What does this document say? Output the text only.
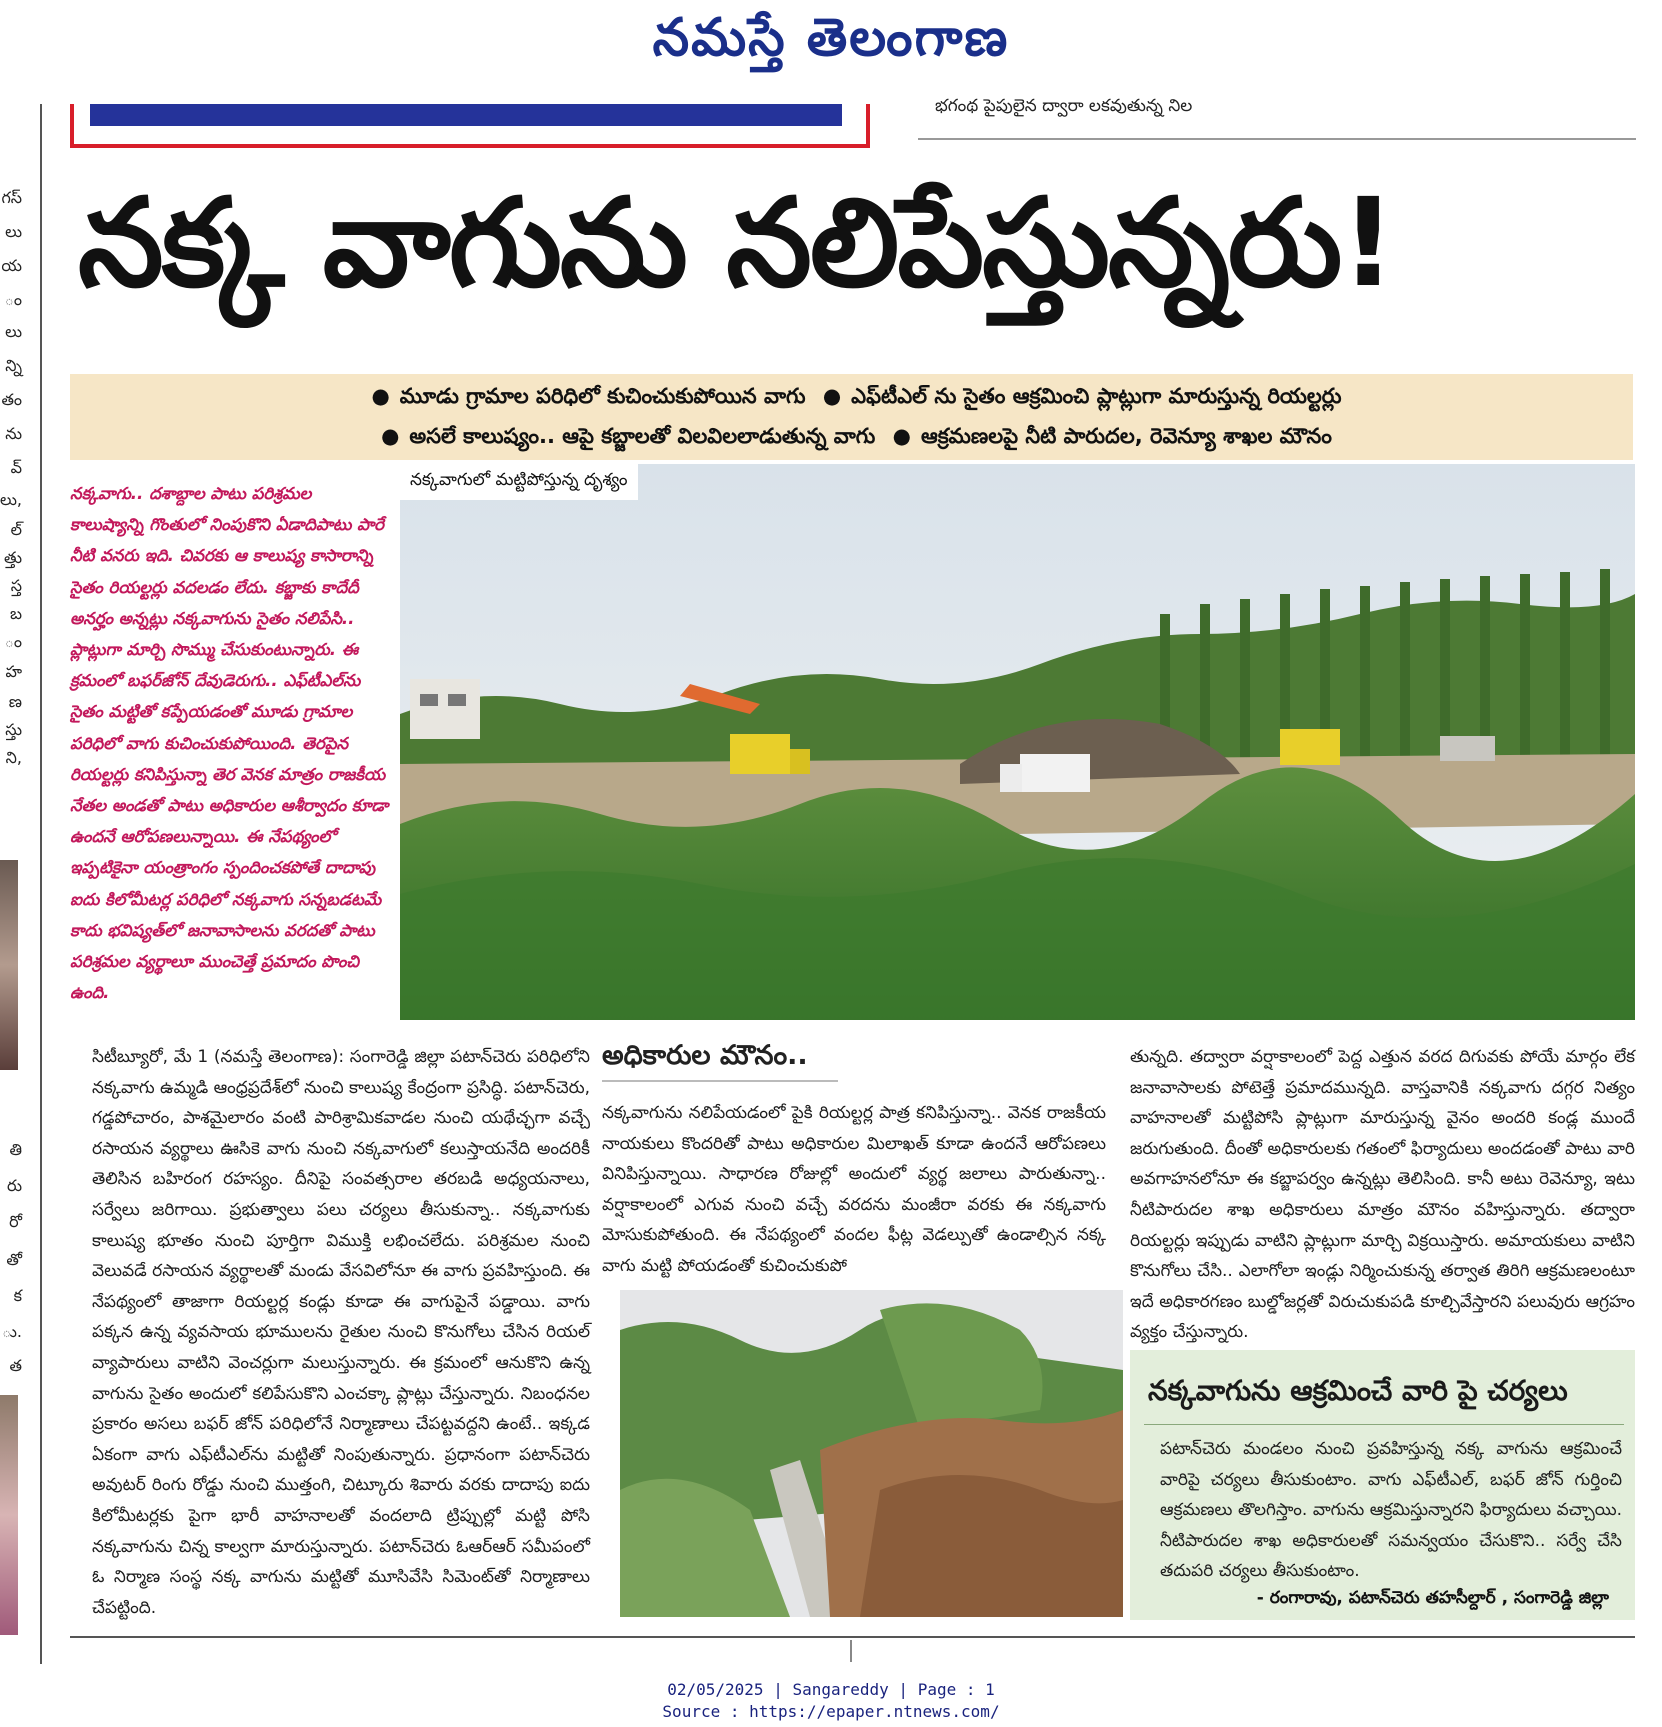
నమస్తే తెలంగాణ
భగంథ పైపులైన ద్వారా లకవుతున్న నిల
గస్
లు
య
ం
లు
న్ని
తం
ను
వ్
లు,
ల్
త్తు
స్త
బ
ం
హ
ణ
స్తు
ని,
తి
రు
రో
తో
క
ు.
త
నక్క వాగును నలిపేస్తున్నరు!
● మూడు గ్రామాల పరిధిలో కుచించుకుపోయిన వాగు ● ఎఫ్‌టీఎల్‌ ను సైతం ఆక్రమించి ప్లాట్లుగా మారుస్తున్న రియల్టర్లు
● అసలే కాలుష్యం.. ఆపై కబ్జాలతో విలవిలలాడుతున్న వాగు ● ఆక్రమణలపై నీటి పారుదల, రెవెన్యూ శాఖల మౌనం
నక్కవాగు.. దశాబ్దాల పాటు పరిశ్రమల కాలుష్యాన్ని గొంతులో నింపుకొని ఏడాదిపాటు పారే నీటి వనరు ఇది. చివరకు ఆ కాలుష్య కాసారాన్ని సైతం రియల్టర్లు వదలడం లేదు. కబ్జాకు కాదేదీ అనర్హం అన్నట్లు నక్కవాగును సైతం నలిపేసి.. ప్లాట్లుగా మార్చి సొమ్ము చేసుకుంటున్నారు. ఈ క్రమంలో బఫర్‌జోన్‌ దేవుడెరుగు.. ఎఫ్‌టీఎల్‌ను సైతం మట్టితో కప్పేయడంతో మూడు గ్రామాల పరిధిలో వాగు కుచించుకుపోయింది. తెరపైన రియల్టర్లు కనిపిస్తున్నా తెర వెనక మాత్రం రాజకీయ నేతల అండతో పాటు అధికారుల ఆశీర్వాదం కూడా ఉందనే ఆరోపణలున్నాయి. ఈ నేపథ్యంలో ఇప్పటికైనా యంత్రాంగం స్పందించకపోతే దాదాపు ఐదు కిలోమీటర్ల పరిధిలో నక్కవాగు సన్నబడటమే కాదు భవిష్యత్‌లో జనావాసాలను వరదతో పాటు పరిశ్రమల వ్యర్థాలూ ముంచెత్తే ప్రమాదం పొంచి ఉంది.
నక్కవాగులో మట్టిపోస్తున్న దృశ్యం
సిటీబ్యూరో, మే 1 (నమస్తే తెలంగాణ): సంగారెడ్డి జిల్లా పటాన్‌చెరు పరిధిలోని నక్కవాగు ఉమ్మడి ఆంధ్రప్రదేశ్‌లో నుంచి కాలుష్య కేంద్రంగా ప్రసిద్ధి. పటాన్‌చెరు, గడ్డపోచారం, పాశమైలారం వంటి పారిశ్రామికవాడల నుంచి యథేచ్ఛగా వచ్చే రసాయన వ్యర్థాలు ఊసికె వాగు నుంచి నక్కవాగులో కలుస్తాయనేది అందరికీ తెలిసిన బహిరంగ రహస్యం. దీనిపై సంవత్సరాల తరబడి అధ్యయనాలు, సర్వేలు జరిగాయి. ప్రభుత్వాలు పలు చర్యలు తీసుకున్నా.. నక్కవాగుకు కాలుష్య భూతం నుంచి పూర్తిగా విముక్తి లభించలేదు. పరిశ్రమల నుంచి వెలువడే రసాయన వ్యర్థాలతో మండు వేసవిలోనూ ఈ వాగు ప్రవహిస్తుంది. ఈ నేపథ్యంలో తాజాగా రియల్టర్ల కండ్లు కూడా ఈ వాగుపైనే పడ్డాయి. వాగు పక్కన ఉన్న వ్యవసాయ భూములను రైతుల నుంచి కొనుగోలు చేసిన రియల్‌ వ్యాపారులు వాటిని వెంచర్లుగా మలుస్తున్నారు. ఈ క్రమంలో ఆనుకొని ఉన్న వాగును సైతం అందులో కలిపేసుకొని ఎంచక్కా ప్లాట్లు చేస్తున్నారు. నిబంధనల ప్రకారం అసలు బఫర్‌ జోన్‌ పరిధిలోనే నిర్మాణాలు చేపట్టవద్దని ఉంటే.. ఇక్కడ ఏకంగా వాగు ఎఫ్‌టీఎల్‌ను మట్టితో నింపుతున్నారు. ప్రధానంగా పటాన్‌చెరు అవుటర్‌ రింగు రోడ్డు నుంచి ముత్తంగి, చిట్కూరు శివారు వరకు దాదాపు ఐదు కిలోమీటర్లకు పైగా భారీ వాహనాలతో వందలాది ట్రిప్పుల్లో మట్టి పోసి నక్కవాగును చిన్న కాల్వగా మారుస్తున్నారు. పటాన్‌చెరు ఓఆర్‌ఆర్‌ సమీపంలో ఓ నిర్మాణ సంస్థ నక్క వాగును మట్టితో మూసివేసి సిమెంట్‌తో నిర్మాణాలు చేపట్టింది.
అధికారుల మౌనం..
నక్కవాగును నలిపేయడంలో పైకి రియల్టర్ల పాత్ర కనిపిస్తున్నా.. వెనక రాజకీయ నాయకులు కొందరితో పాటు అధికారుల మిలాఖత్‌ కూడా ఉందనే ఆరోపణలు వినిపిస్తున్నాయి. సాధారణ రోజుల్లో అందులో వ్యర్థ జలాలు పారుతున్నా.. వర్షాకాలంలో ఎగువ నుంచి వచ్చే వరదను మంజీరా వరకు ఈ నక్కవాగు మోసుకుపోతుంది. ఈ నేపథ్యంలో వందల ఫీట్ల వెడల్పుతో ఉండాల్సిన నక్క వాగు మట్టి పోయడంతో కుచించుకుపో
తున్నది. తద్వారా వర్షాకాలంలో పెద్ద ఎత్తున వరద దిగువకు పోయే మార్గం లేక జనావాసాలకు పోటెత్తే ప్రమాదమున్నది. వాస్తవానికి నక్కవాగు దగ్గర నిత్యం వాహనాలతో మట్టిపోసి ప్లాట్లుగా మారుస్తున్న వైనం అందరి కండ్ల ముందే జరుగుతుంది. దీంతో అధికారులకు గతంలో ఫిర్యాదులు అందడంతో పాటు వారి అవగాహనలోనూ ఈ కబ్జాపర్వం ఉన్నట్లు తెలిసింది. కానీ అటు రెవెన్యూ, ఇటు నీటిపారుదల శాఖ అధికారులు మాత్రం మౌనం వహిస్తున్నారు. తద్వారా రియల్టర్లు ఇప్పుడు వాటిని ప్లాట్లుగా మార్చి విక్రయిస్తారు. అమాయకులు వాటిని కొనుగోలు చేసి.. ఎలాగోలా ఇండ్లు నిర్మించుకున్న తర్వాత తిరిగి ఆక్రమణలంటూ ఇదే అధికారగణం బుల్డోజర్లతో విరుచుకుపడి కూల్చివేస్తారని పలువురు ఆగ్రహం వ్యక్తం చేస్తున్నారు.
నక్కవాగును ఆక్రమించే వారి పై చర్యలు
పటాన్‌చెరు మండలం నుంచి ప్రవహిస్తున్న నక్క వాగును ఆక్రమించే వారిపై చర్యలు తీసుకుంటాం. వాగు ఎఫ్‌టీఎల్‌, బఫర్‌ జోన్‌ గుర్తించి ఆక్రమణలు తొలగిస్తాం. వాగును ఆక్రమిస్తున్నారని ఫిర్యాదులు వచ్చాయి. నీటిపారుదల శాఖ అధికారులతో సమన్వయం చేసుకొని.. సర్వే చేసి తదుపరి చర్యలు తీసుకుంటాం.
- రంగారావు, పటాన్‌చెరు తహసీల్దార్‌ , సంగారెడ్డి జిల్లా
02/05/2025 | Sangareddy | Page : 1
Source : https://epaper.ntnews.com/
